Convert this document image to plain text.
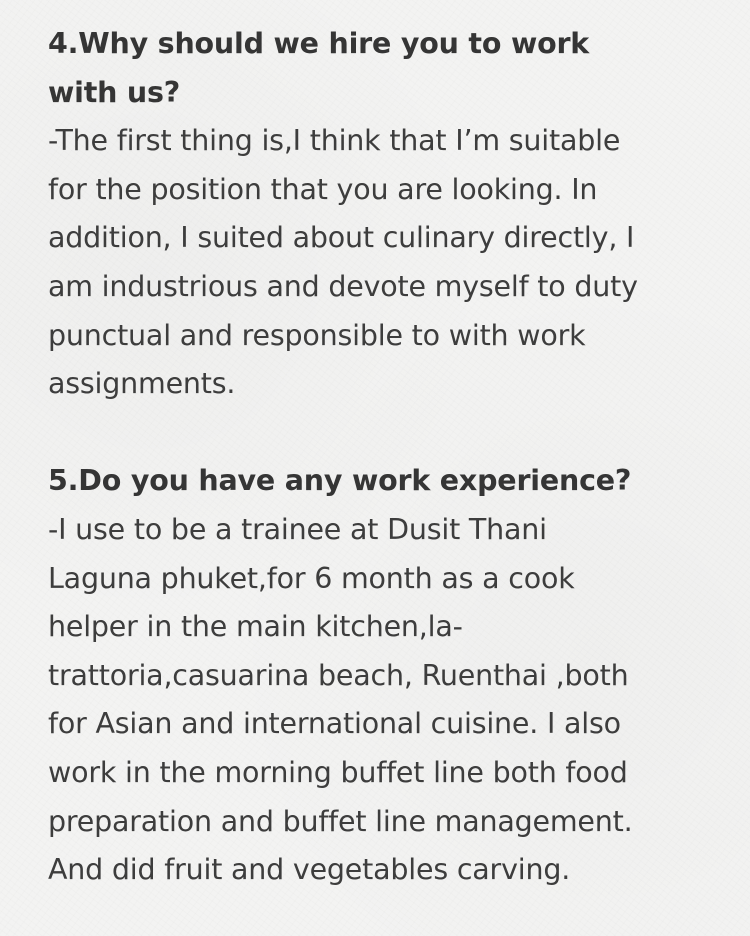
4.Why should we hire you to work
with us?
-The first thing is,I think that I’m suitable
for the position that you are looking. In
addition, I suited about culinary directly, I
am industrious and devote myself to duty
punctual and responsible to with work
assignments.
5.Do you have any work experience?
-I use to be a trainee at Dusit Thani
Laguna phuket,for 6 month as a cook
helper in the main kitchen,la-
trattoria,casuarina beach, Ruenthai ,both
for Asian and international cuisine. I also
work in the morning buffet line both food
preparation and buffet line management.
And did fruit and vegetables carving.
